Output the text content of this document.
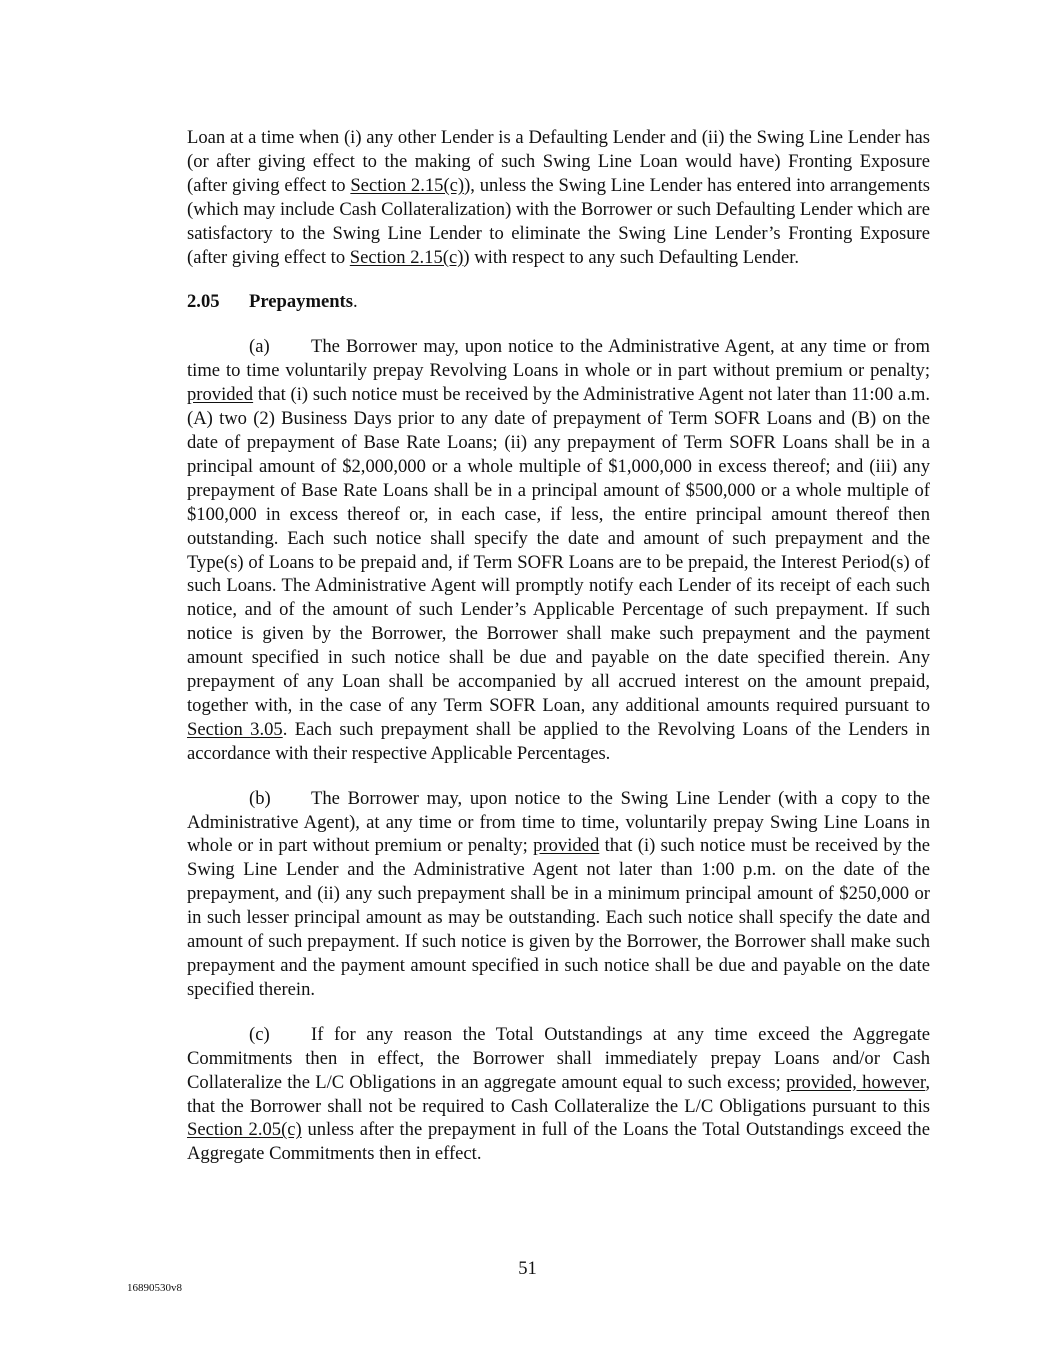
Loan at a time when (i) any other Lender is a Defaulting Lender and (ii) the Swing Line Lender has (or after giving effect to the making of such Swing Line Loan would have) Fronting Exposure (after giving effect to Section 2.15(c)), unless the Swing Line Lender has entered into arrangements (which may include Cash Collateralization) with the Borrower or such Defaulting Lender which are satisfactory to the Swing Line Lender to eliminate the Swing Line Lender’s Fronting Exposure (after giving effect to Section 2.15(c)) with respect to any such Defaulting Lender.

2.05 Prepayments.

(a) The Borrower may, upon notice to the Administrative Agent, at any time or from time to time voluntarily prepay Revolving Loans in whole or in part without premium or penalty; provided that (i) such notice must be received by the Administrative Agent not later than 11:00 a.m. (A) two (2) Business Days prior to any date of prepayment of Term SOFR Loans and (B) on the date of prepayment of Base Rate Loans; (ii) any prepayment of Term SOFR Loans shall be in a principal amount of $2,000,000 or a whole multiple of $1,000,000 in excess thereof; and (iii) any prepayment of Base Rate Loans shall be in a principal amount of $500,000 or a whole multiple of $100,000 in excess thereof or, in each case, if less, the entire principal amount thereof then outstanding. Each such notice shall specify the date and amount of such prepayment and the Type(s) of Loans to be prepaid and, if Term SOFR Loans are to be prepaid, the Interest Period(s) of such Loans. The Administrative Agent will promptly notify each Lender of its receipt of each such notice, and of the amount of such Lender’s Applicable Percentage of such prepayment. If such notice is given by the Borrower, the Borrower shall make such prepayment and the payment amount specified in such notice shall be due and payable on the date specified therein. Any prepayment of any Loan shall be accompanied by all accrued interest on the amount prepaid, together with, in the case of any Term SOFR Loan, any additional amounts required pursuant to Section 3.05. Each such prepayment shall be applied to the Revolving Loans of the Lenders in accordance with their respective Applicable Percentages.

(b) The Borrower may, upon notice to the Swing Line Lender (with a copy to the Administrative Agent), at any time or from time to time, voluntarily prepay Swing Line Loans in whole or in part without premium or penalty; provided that (i) such notice must be received by the Swing Line Lender and the Administrative Agent not later than 1:00 p.m. on the date of the prepayment, and (ii) any such prepayment shall be in a minimum principal amount of $250,000 or in such lesser principal amount as may be outstanding. Each such notice shall specify the date and amount of such prepayment. If such notice is given by the Borrower, the Borrower shall make such prepayment and the payment amount specified in such notice shall be due and payable on the date specified therein.

(c) If for any reason the Total Outstandings at any time exceed the Aggregate Commitments then in effect, the Borrower shall immediately prepay Loans and/or Cash Collateralize the L/C Obligations in an aggregate amount equal to such excess; provided, however, that the Borrower shall not be required to Cash Collateralize the L/C Obligations pursuant to this Section 2.05(c) unless after the prepayment in full of the Loans the Total Outstandings exceed the Aggregate Commitments then in effect.

51
16890530v8
